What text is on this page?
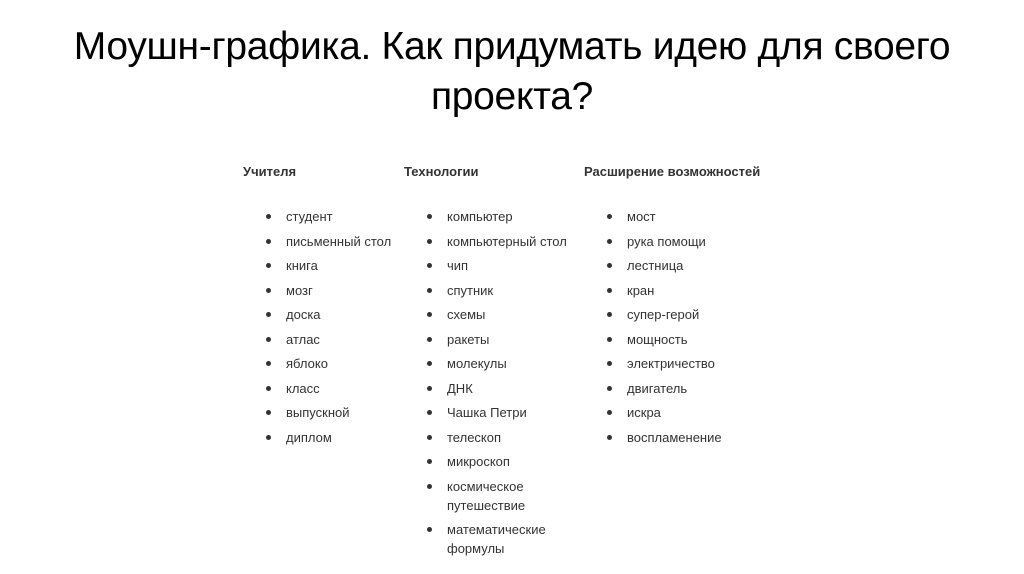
Моушн-графика. Как придумать идею для своего проекта?
Учителя
студент
письменный стол
книга
мозг
доска
атлас
яблоко
класс
выпускной
диплом
Технологии
компьютер
компьютерный стол
чип
спутник
схемы
ракеты
молекулы
ДНК
Чашка Петри
телескоп
микроскоп
космическое
путешествие
математические
формулы
Расширение возможностей
мост
рука помощи
лестница
кран
супер-герой
мощность
электричество
двигатель
искра
воспламенение
